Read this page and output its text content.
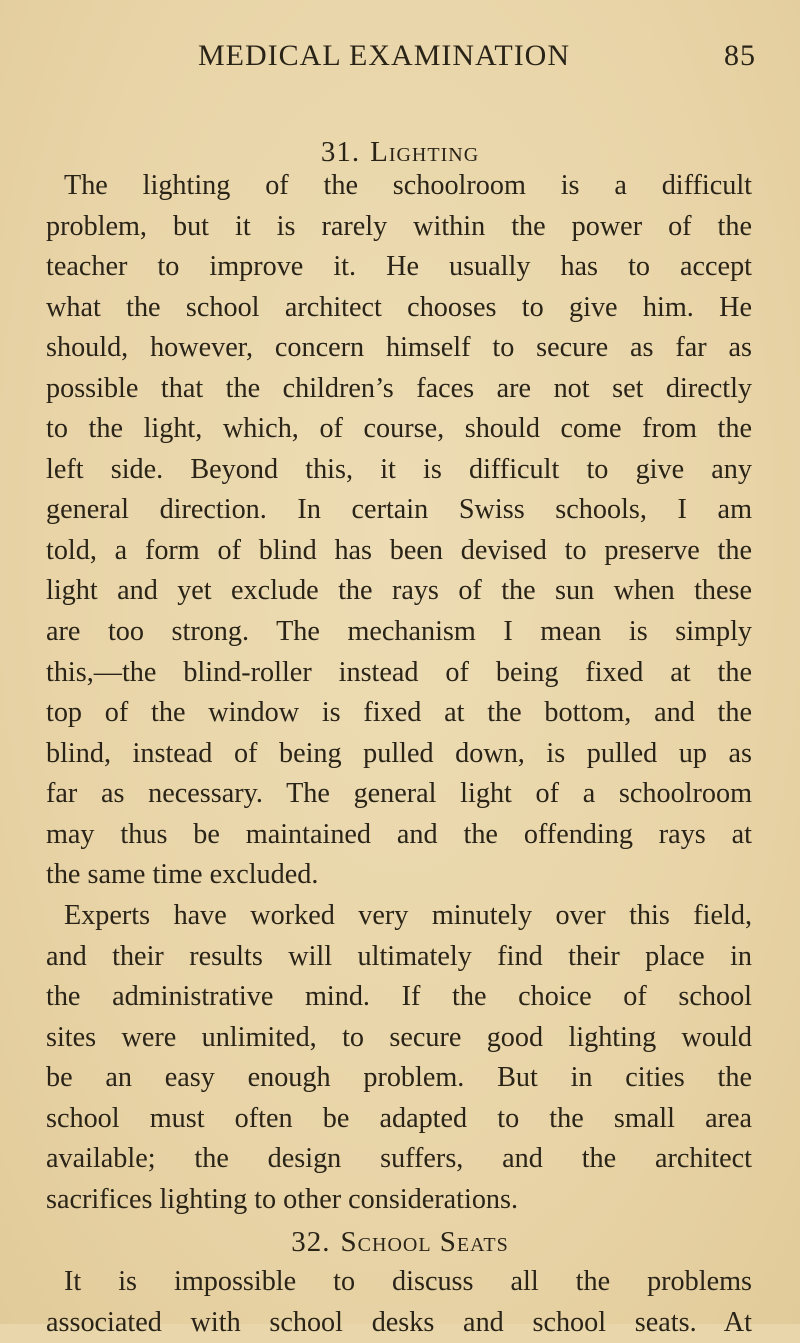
MEDICAL EXAMINATION	85
31. Lighting

The lighting of the schoolroom is a difficult
problem, but it is rarely within the power of the
teacher to improve it. He usually has to accept
what the school architect chooses to give him. He
should, however, concern himself to secure as far as
possible that the children’s faces are not set directly
to the light, which, of course, should come from the
left side. Beyond this, it is difficult to give any
general direction. In certain Swiss schools, I am
told, a form of blind has been devised to preserve the
light and yet exclude the rays of the sun when these
are too strong. The mechanism I mean is simply
this,—the blind-roller instead of being fixed at the
top of the window is fixed at the bottom, and the
blind, instead of being pulled down, is pulled up as
far as necessary. The general light of a schoolroom
may thus be maintained and the offending rays at
the same time excluded.

Experts have worked very minutely over this field,
and their results will ultimately find their place in
the administrative mind. If the choice of school
sites were unlimited, to secure good lighting would
be an easy enough problem. But in cities the
school must often be adapted to the small area
available; the design suffers, and the architect
sacrifices lighting to other considerations.

32. School Seats

It is impossible to discuss all the problems
associated with school desks and school seats. At
